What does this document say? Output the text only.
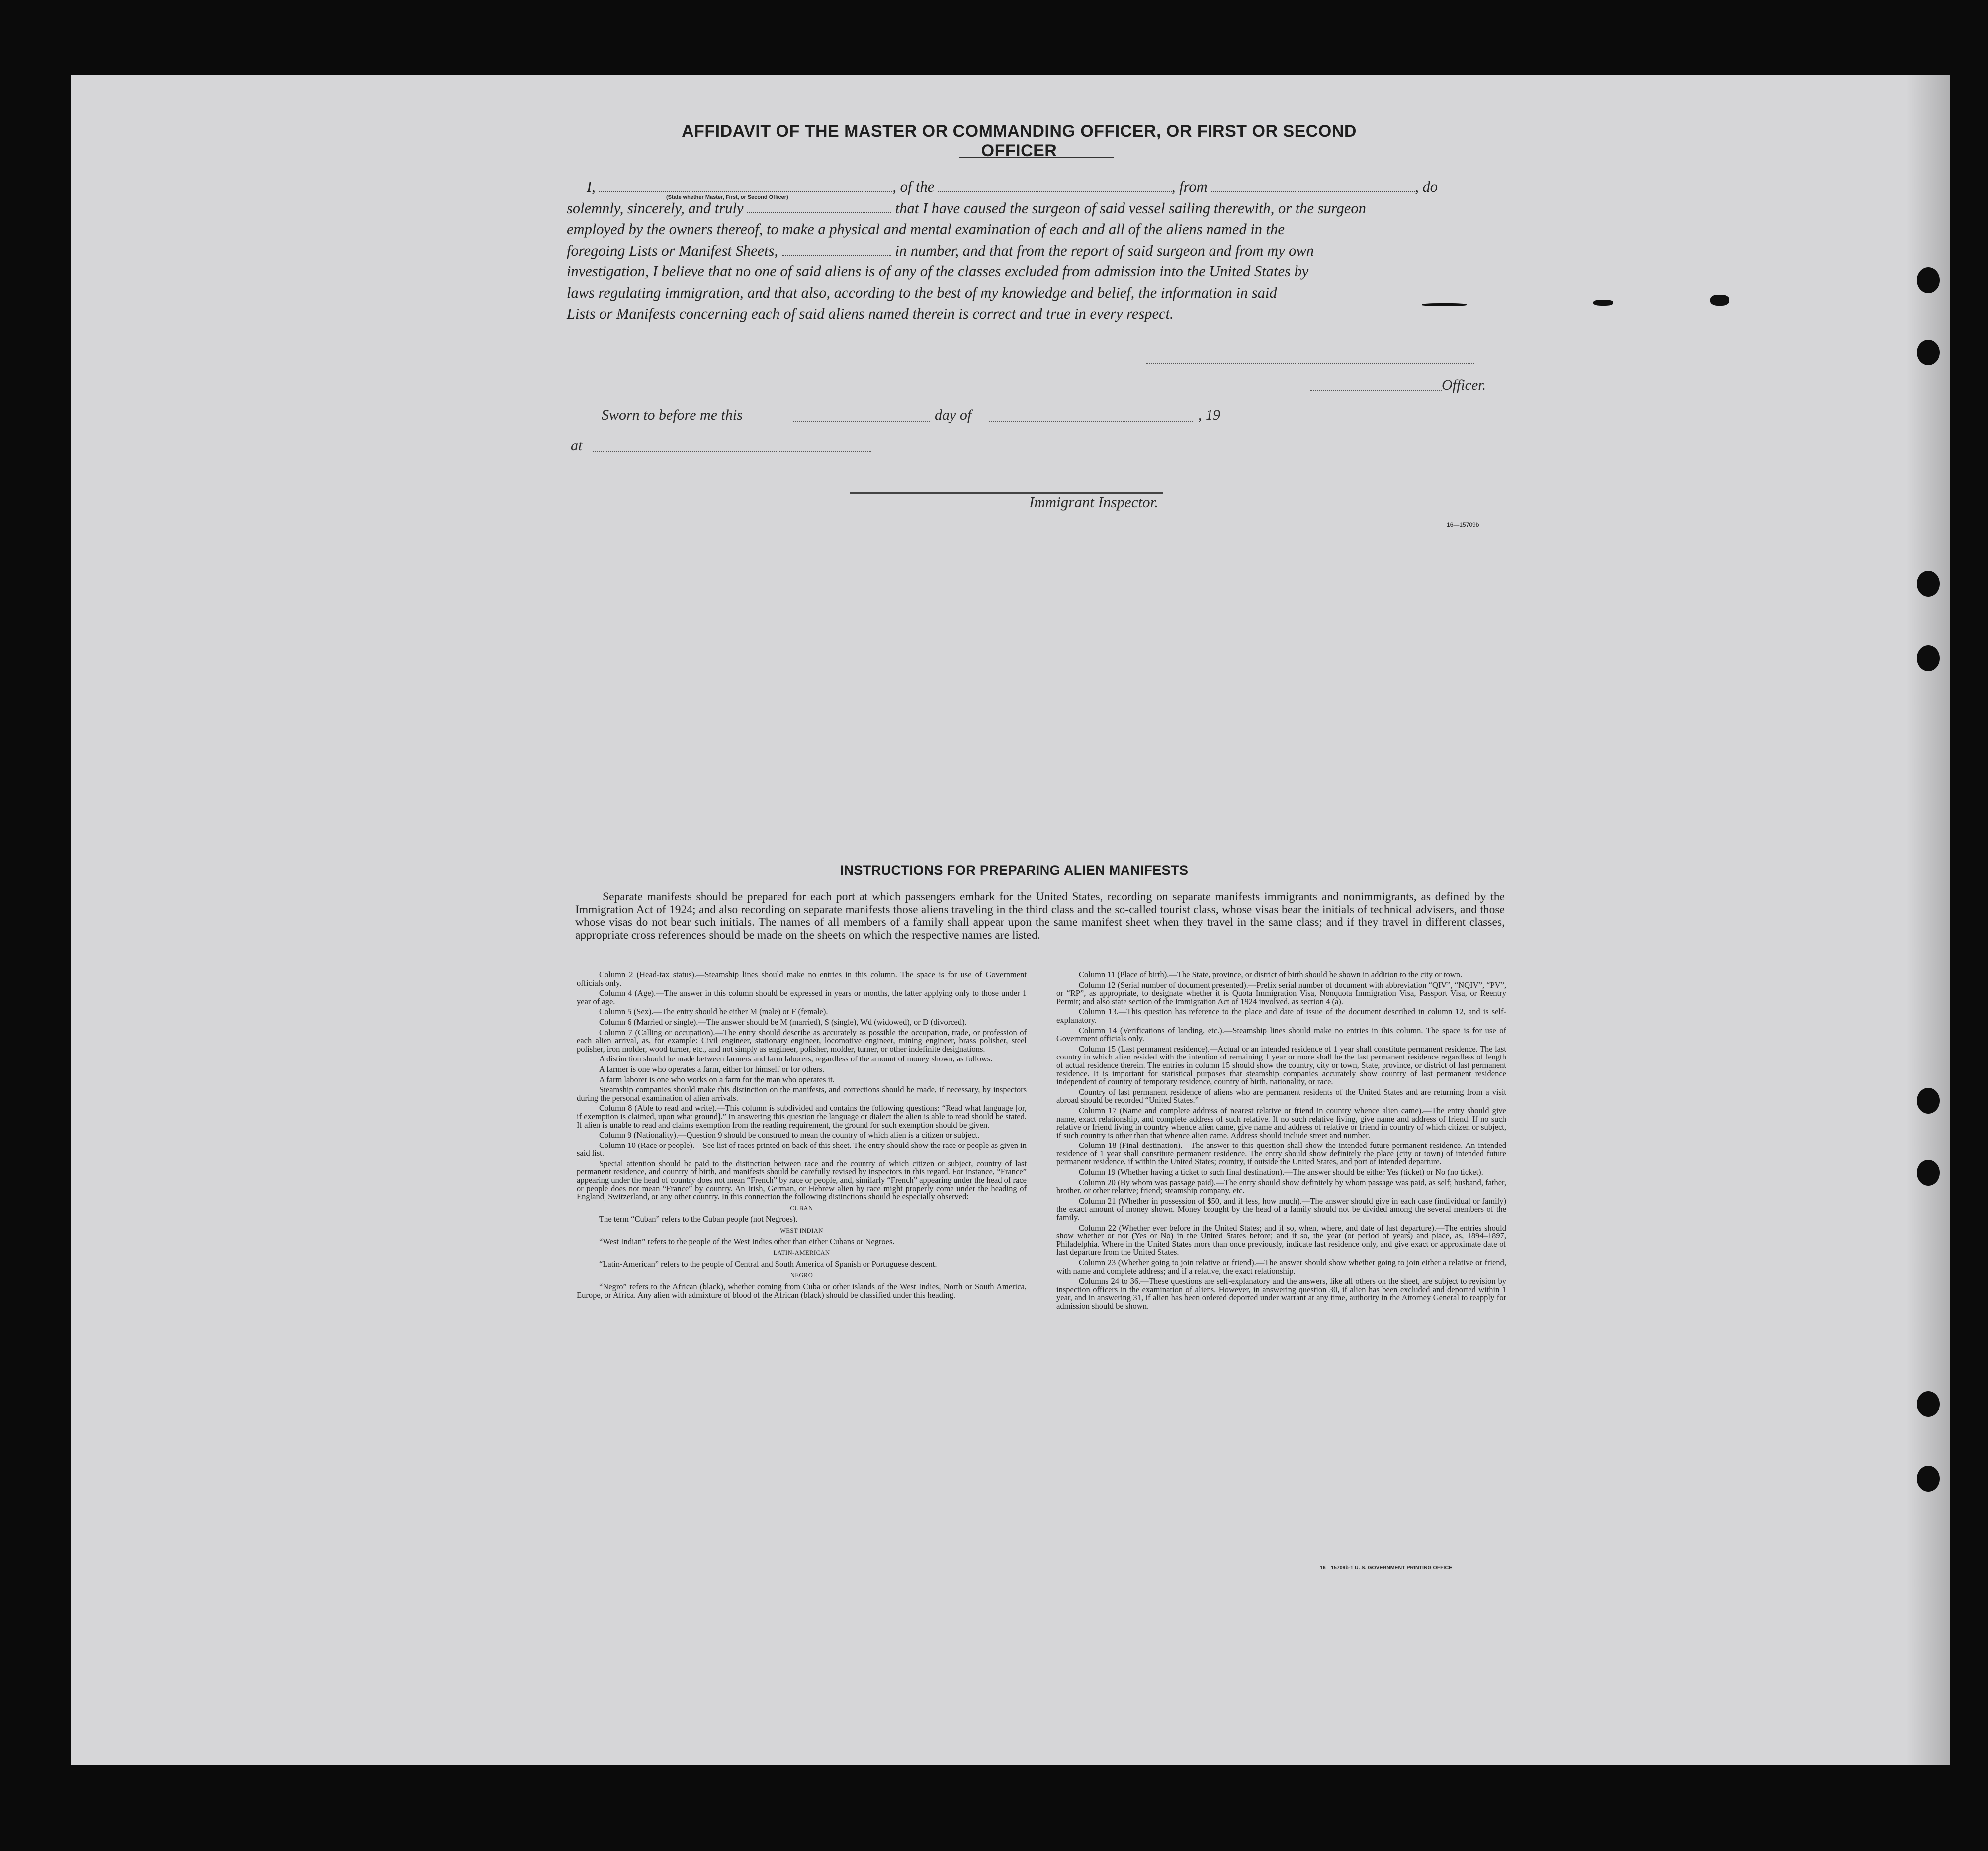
AFFIDAVIT OF THE MASTER OR COMMANDING OFFICER, OR FIRST OR SECOND OFFICER

I,	, of the	, from	, do

(State whether Master, First, or Second Officer)

solemnly, sincerely, and truly	that I have caused the surgeon of said vessel sailing therewith, or the surgeon

employed by the owners thereof, to make a physical and mental examination of each and all of the aliens named in the

foregoing Lists or Manifest Sheets,	in number, and that from the report of said surgeon and from my own

investigation, I believe that no one of said aliens is of any of the classes excluded from admission into the United States by

laws regulating immigration, and that also, according to the best of my knowledge and belief, the information in said

Lists or Manifests concerning each of said aliens named therein is correct and true in every respect.

Officer.
Sworn to before me this	day of	, 19
at
Immigrant Inspector.
16—15709b
INSTRUCTIONS FOR PREPARING ALIEN MANIFESTS

Separate manifests should be prepared for each port at which passengers embark for the United States, recording on separate manifests immigrants and nonimmigrants, as defined by the Immigration Act of 1924; and also recording on separate manifests those aliens traveling in the third class and the so-called tourist class, whose visas bear the initials of technical advisers, and those whose visas do not bear such initials. The names of all members of a family shall appear upon the same manifest sheet when they travel in the same class; and if they travel in different classes, appropriate cross references should be made on the sheets on which the respective names are listed.

Column 2 (Head-tax status).—Steamship lines should make no entries in this column. The space is for use of Government officials only.

Column 4 (Age).—The answer in this column should be expressed in years or months, the latter applying only to those under 1 year of age.

Column 5 (Sex).—The entry should be either M (male) or F (female).

Column 6 (Married or single).—The answer should be M (married), S (single), Wd (widowed), or D (divorced).

Column 7 (Calling or occupation).—The entry should describe as accurately as possible the occupation, trade, or profession of each alien arrival, as, for example: Civil engineer, stationary engineer, locomotive engineer, mining engineer, brass polisher, steel polisher, iron molder, wood turner, etc., and not simply as engineer, polisher, molder, turner, or other indefinite designations.

A distinction should be made between farmers and farm laborers, regardless of the amount of money shown, as follows:

A farmer is one who operates a farm, either for himself or for others.

A farm laborer is one who works on a farm for the man who operates it.

Steamship companies should make this distinction on the manifests, and corrections should be made, if necessary, by inspectors during the personal examination of alien arrivals.

Column 8 (Able to read and write).—This column is subdivided and contains the following questions: “Read what language [or, if exemption is claimed, upon what ground].” In answering this question the language or dialect the alien is able to read should be stated. If alien is unable to read and claims exemption from the reading requirement, the ground for such exemption should be given.

Column 9 (Nationality).—Question 9 should be construed to mean the country of which alien is a citizen or subject.

Column 10 (Race or people).—See list of races printed on back of this sheet. The entry should show the race or people as given in said list.

Special attention should be paid to the distinction between race and the country of which citizen or subject, country of last permanent residence, and country of birth, and manifests should be carefully revised by inspectors in this regard. For instance, “France” appearing under the head of country does not mean “French” by race or people, and, similarly “French” appearing under the head of race or people does not mean “France” by country. An Irish, German, or Hebrew alien by race might properly come under the heading of England, Switzerland, or any other country. In this connection the following distinctions should be especially observed:

CUBAN

The term “Cuban” refers to the Cuban people (not Negroes).

WEST INDIAN

“West Indian” refers to the people of the West Indies other than either Cubans or Negroes.

LATIN-AMERICAN

“Latin-American” refers to the people of Central and South America of Spanish or Portuguese descent.

NEGRO

“Negro” refers to the African (black), whether coming from Cuba or other islands of the West Indies, North or South America, Europe, or Africa. Any alien with admixture of blood of the African (black) should be classified under this heading.

Column 11 (Place of birth).—The State, province, or district of birth should be shown in addition to the city or town.

Column 12 (Serial number of document presented).—Prefix serial number of document with abbreviation “QIV”, “NQIV”, “PV”, or “RP”, as appropriate, to designate whether it is Quota Immigration Visa, Nonquota Immigration Visa, Passport Visa, or Reentry Permit; and also state section of the Immigration Act of 1924 involved, as section 4 (a).

Column 13.—This question has reference to the place and date of issue of the document described in column 12, and is self-explanatory.

Column 14 (Verifications of landing, etc.).—Steamship lines should make no entries in this column. The space is for use of Government officials only.

Column 15 (Last permanent residence).—Actual or an intended residence of 1 year shall constitute permanent residence. The last country in which alien resided with the intention of remaining 1 year or more shall be the last permanent residence regardless of length of actual residence therein. The entries in column 15 should show the country, city or town, State, province, or district of last permanent residence. It is important for statistical purposes that steamship companies accurately show country of last permanent residence independent of country of temporary residence, country of birth, nationality, or race.

Country of last permanent residence of aliens who are permanent residents of the United States and are returning from a visit abroad should be recorded “United States.”

Column 17 (Name and complete address of nearest relative or friend in country whence alien came).—The entry should give name, exact relationship, and complete address of such relative. If no such relative living, give name and address of friend. If no such relative or friend living in country whence alien came, give name and address of relative or friend in country of which citizen or subject, if such country is other than that whence alien came. Address should include street and number.

Column 18 (Final destination).—The answer to this question shall show the intended future permanent residence. An intended residence of 1 year shall constitute permanent residence. The entry should show definitely the place (city or town) of intended future permanent residence, if within the United States; country, if outside the United States, and port of intended departure.

Column 19 (Whether having a ticket to such final destination).—The answer should be either Yes (ticket) or No (no ticket).

Column 20 (By whom was passage paid).—The entry should show definitely by whom passage was paid, as self; husband, father, brother, or other relative; friend; steamship company, etc.

Column 21 (Whether in possession of $50, and if less, how much).—The answer should give in each case (individual or family) the exact amount of money shown. Money brought by the head of a family should not be divided among the several members of the family.

Column 22 (Whether ever before in the United States; and if so, when, where, and date of last departure).—The entries should show whether or not (Yes or No) in the United States before; and if so, the year (or period of years) and place, as, 1894–1897, Philadelphia. Where in the United States more than once previously, indicate last residence only, and give exact or approximate date of last departure from the United States.

Column 23 (Whether going to join relative or friend).—The answer should show whether going to join either a relative or friend, with name and complete address; and if a relative, the exact relationship.

Columns 24 to 36.—These questions are self-explanatory and the answers, like all others on the sheet, are subject to revision by inspection officers in the examination of aliens. However, in answering question 30, if alien has been excluded and deported within 1 year, and in answering 31, if alien has been ordered deported under warrant at any time, authority in the Attorney General to reapply for admission should be shown.

16—15709b-1 U. S. GOVERNMENT PRINTING OFFICE
